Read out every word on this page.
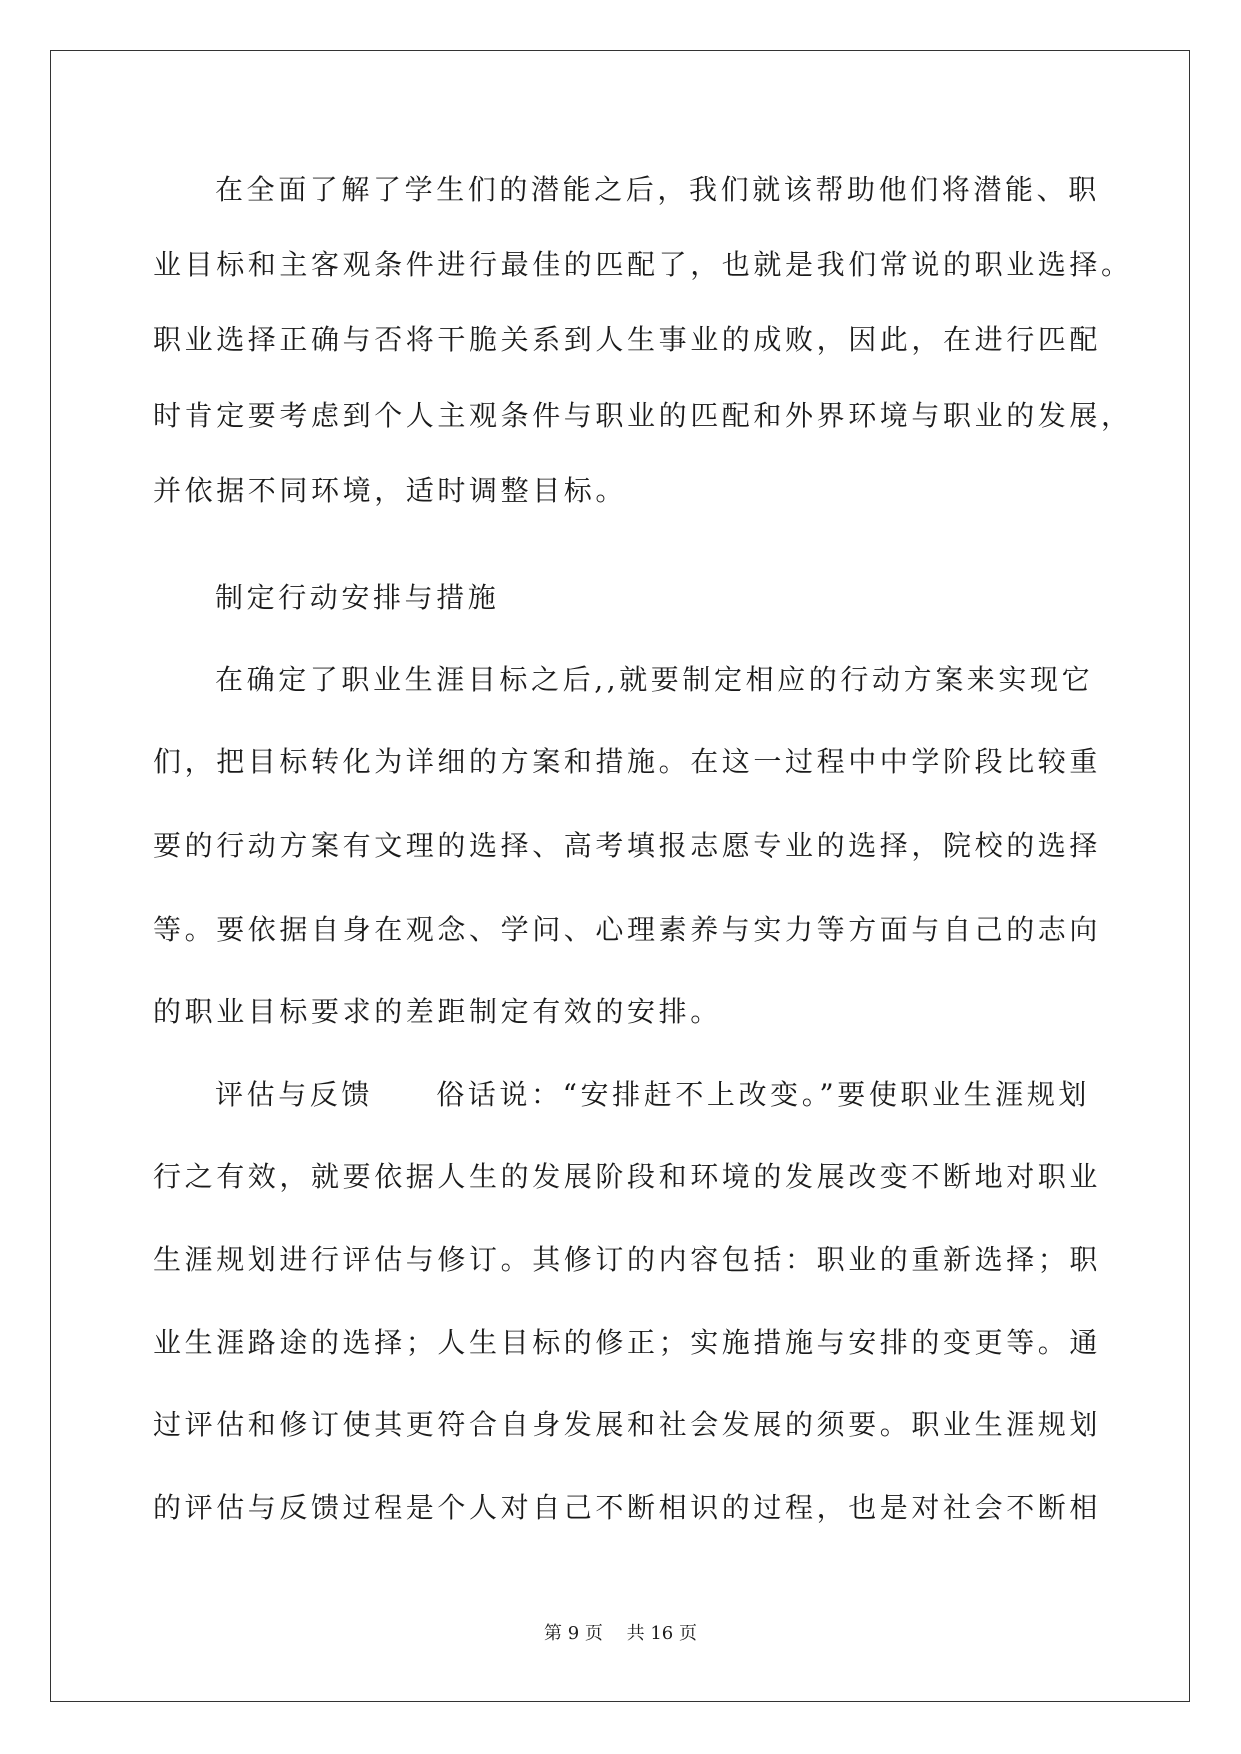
在全面了解了学生们的潜能之后，我们就该帮助他们将潜能、职
业目标和主客观条件进行最佳的匹配了，也就是我们常说的职业选择。
职业选择正确与否将干脆关系到人生事业的成败，因此，在进行匹配
时肯定要考虑到个人主观条件与职业的匹配和外界环境与职业的发展，
并依据不同环境，适时调整目标。
制定行动安排与措施
在确定了职业生涯目标之后,,就要制定相应的行动方案来实现它
们，把目标转化为详细的方案和措施。在这一过程中中学阶段比较重
要的行动方案有文理的选择、高考填报志愿专业的选择，院校的选择
等。要依据自身在观念、学问、心理素养与实力等方面与自己的志向
的职业目标要求的差距制定有效的安排。
评估与反馈　　俗话说：“安排赶不上改变。”要使职业生涯规划
行之有效，就要依据人生的发展阶段和环境的发展改变不断地对职业
生涯规划进行评估与修订。其修订的内容包括：职业的重新选择；职
业生涯路途的选择；人生目标的修正；实施措施与安排的变更等。通
过评估和修订使其更符合自身发展和社会发展的须要。职业生涯规划
的评估与反馈过程是个人对自己不断相识的过程，也是对社会不断相
第 9 页　 共 16 页
